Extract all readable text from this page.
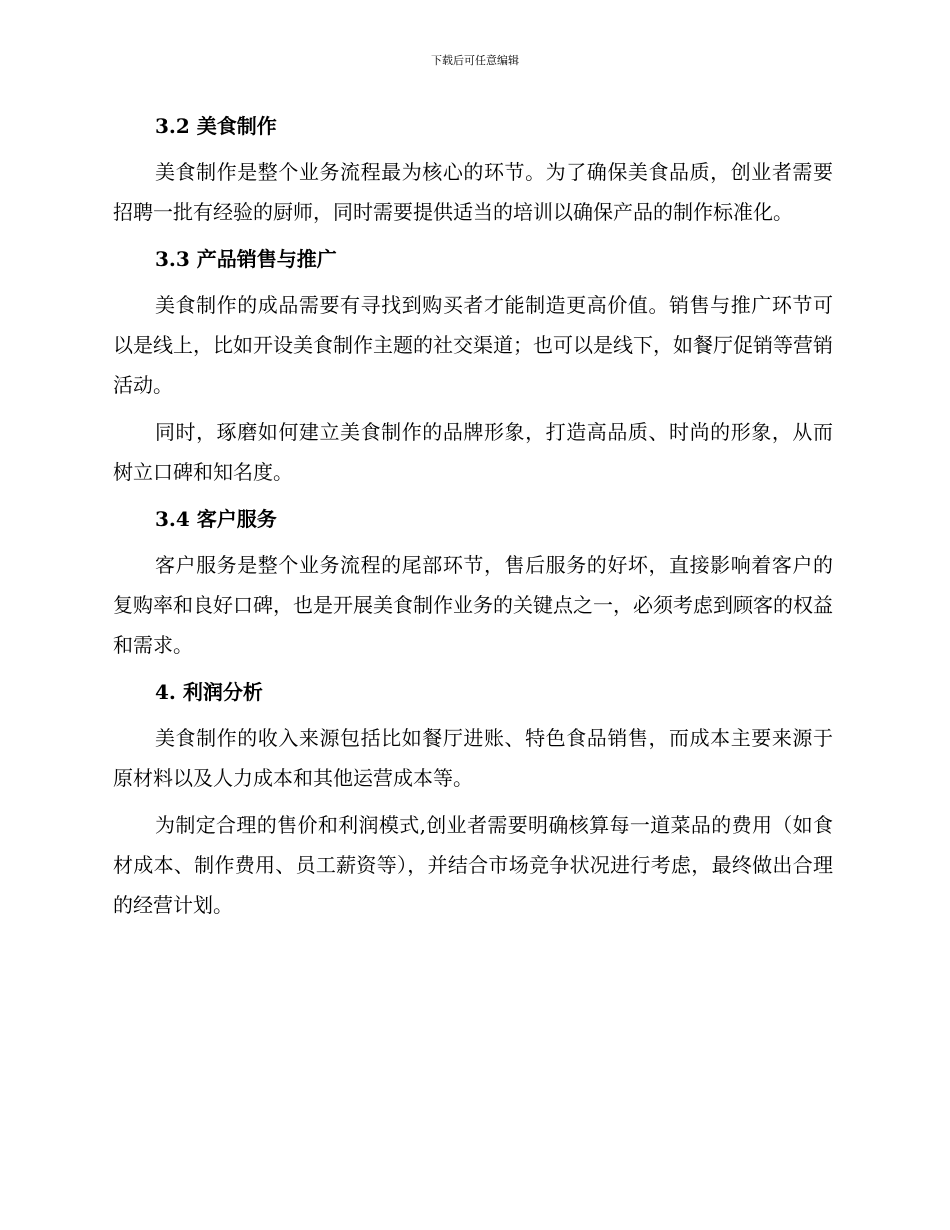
下载后可任意编辑
3.2 美食制作

美食制作是整个业务流程最为核心的环节。为了确保美食品质，创业者需要招聘一批有经验的厨师，同时需要提供适当的培训以确保产品的制作标准化。

3.3 产品销售与推广

美食制作的成品需要有寻找到购买者才能制造更高价值。销售与推广环节可以是线上，比如开设美食制作主题的社交渠道；也可以是线下，如餐厅促销等营销活动。

同时，琢磨如何建立美食制作的品牌形象，打造高品质、时尚的形象，从而树立口碑和知名度。

3.4 客户服务

客户服务是整个业务流程的尾部环节，售后服务的好坏，直接影响着客户的复购率和良好口碑，也是开展美食制作业务的关键点之一，必须考虑到顾客的权益和需求。

4. 利润分析

美食制作的收入来源包括比如餐厅进账、特色食品销售，而成本主要来源于原材料以及人力成本和其他运营成本等。

为制定合理的售价和利润模式,创业者需要明确核算每一道菜品的费用（如食材成本、制作费用、员工薪资等），并结合市场竞争状况进行考虑，最终做出合理的经营计划。
